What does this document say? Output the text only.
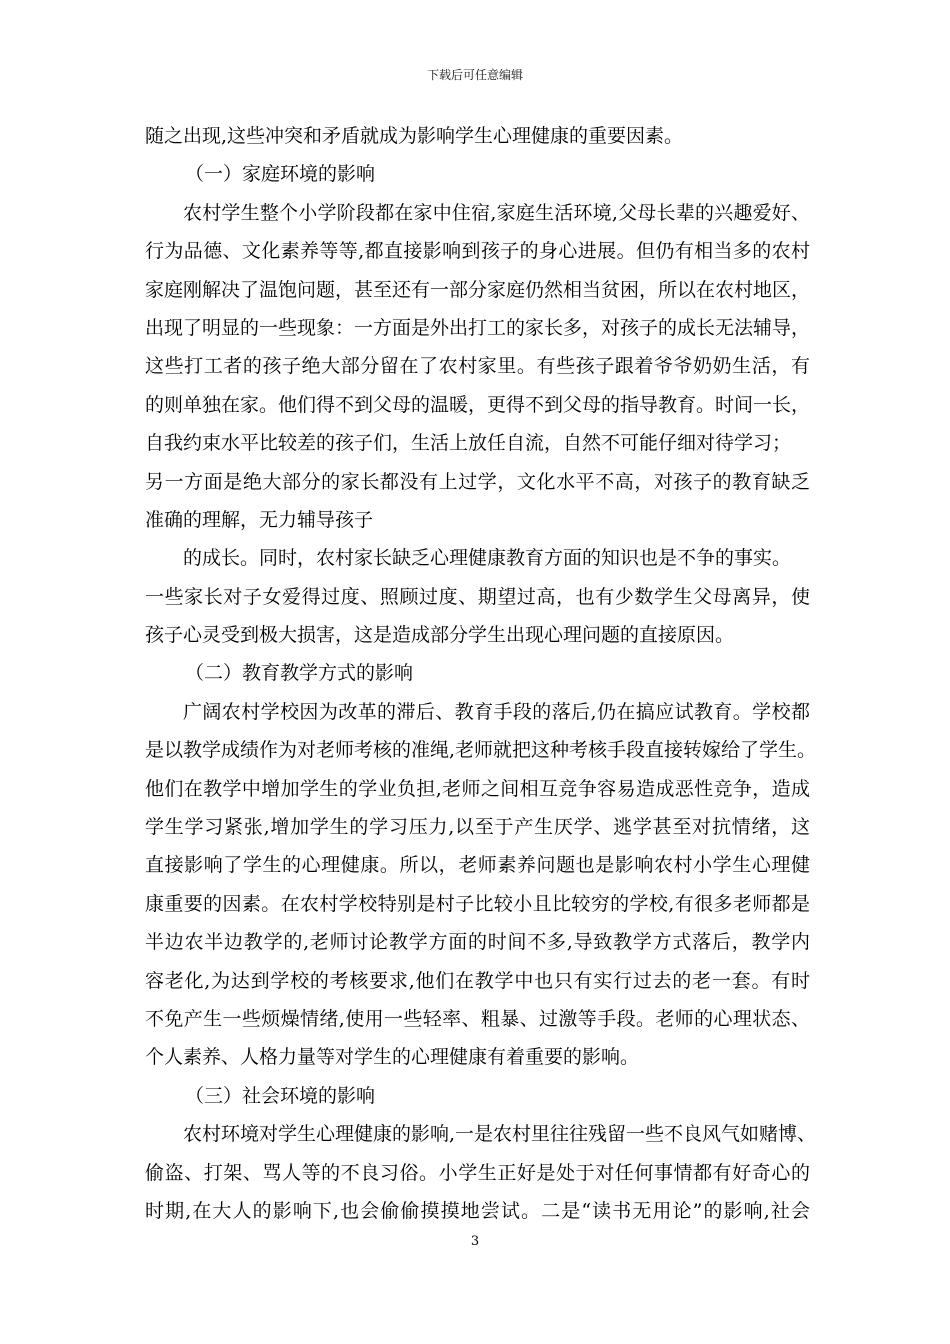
下载后可任意编辑
随之出现,这些冲突和矛盾就成为影响学生心理健康的重要因素。
（一）家庭环境的影响
农村学生整个小学阶段都在家中住宿,家庭生活环境,父母长辈的兴趣爱好、
行为品德、文化素养等等,都直接影响到孩子的身心进展。但仍有相当多的农村
家庭刚解决了温饱问题，甚至还有一部分家庭仍然相当贫困，所以在农村地区，
出现了明显的一些现象：一方面是外出打工的家长多，对孩子的成长无法辅导，
这些打工者的孩子绝大部分留在了农村家里。有些孩子跟着爷爷奶奶生活，有
的则单独在家。他们得不到父母的温暖，更得不到父母的指导教育。时间一长，
自我约束水平比较差的孩子们，生活上放任自流，自然不可能仔细对待学习；
另一方面是绝大部分的家长都没有上过学，文化水平不高，对孩子的教育缺乏
准确的理解，无力辅导孩子
的成长。同时，农村家长缺乏心理健康教育方面的知识也是不争的事实。
一些家长对子女爱得过度、照顾过度、期望过高，也有少数学生父母离异，使
孩子心灵受到极大损害，这是造成部分学生出现心理问题的直接原因。
（二）教育教学方式的影响
广阔农村学校因为改革的滞后、教育手段的落后,仍在搞应试教育。学校都
是以教学成绩作为对老师考核的准绳,老师就把这种考核手段直接转嫁给了学生。
他们在教学中增加学生的学业负担,老师之间相互竞争容易造成恶性竞争，造成
学生学习紧张,增加学生的学习压力,以至于产生厌学、逃学甚至对抗情绪，这
直接影响了学生的心理健康。所以，老师素养问题也是影响农村小学生心理健
康重要的因素。在农村学校特别是村子比较小且比较穷的学校,有很多老师都是
半边农半边教学的,老师讨论教学方面的时间不多,导致教学方式落后，教学内
容老化,为达到学校的考核要求,他们在教学中也只有实行过去的老一套。有时
不免产生一些烦燥情绪,使用一些轻率、粗暴、过激等手段。老师的心理状态、
个人素养、人格力量等对学生的心理健康有着重要的影响。
（三）社会环境的影响
农村环境对学生心理健康的影响,一是农村里往往残留一些不良风气如赌博、
偷盗、打架、骂人等的不良习俗。小学生正好是处于对任何事情都有好奇心的
时期,在大人的影响下,也会偷偷摸摸地尝试。二是“读书无用论”的影响,社会
3
